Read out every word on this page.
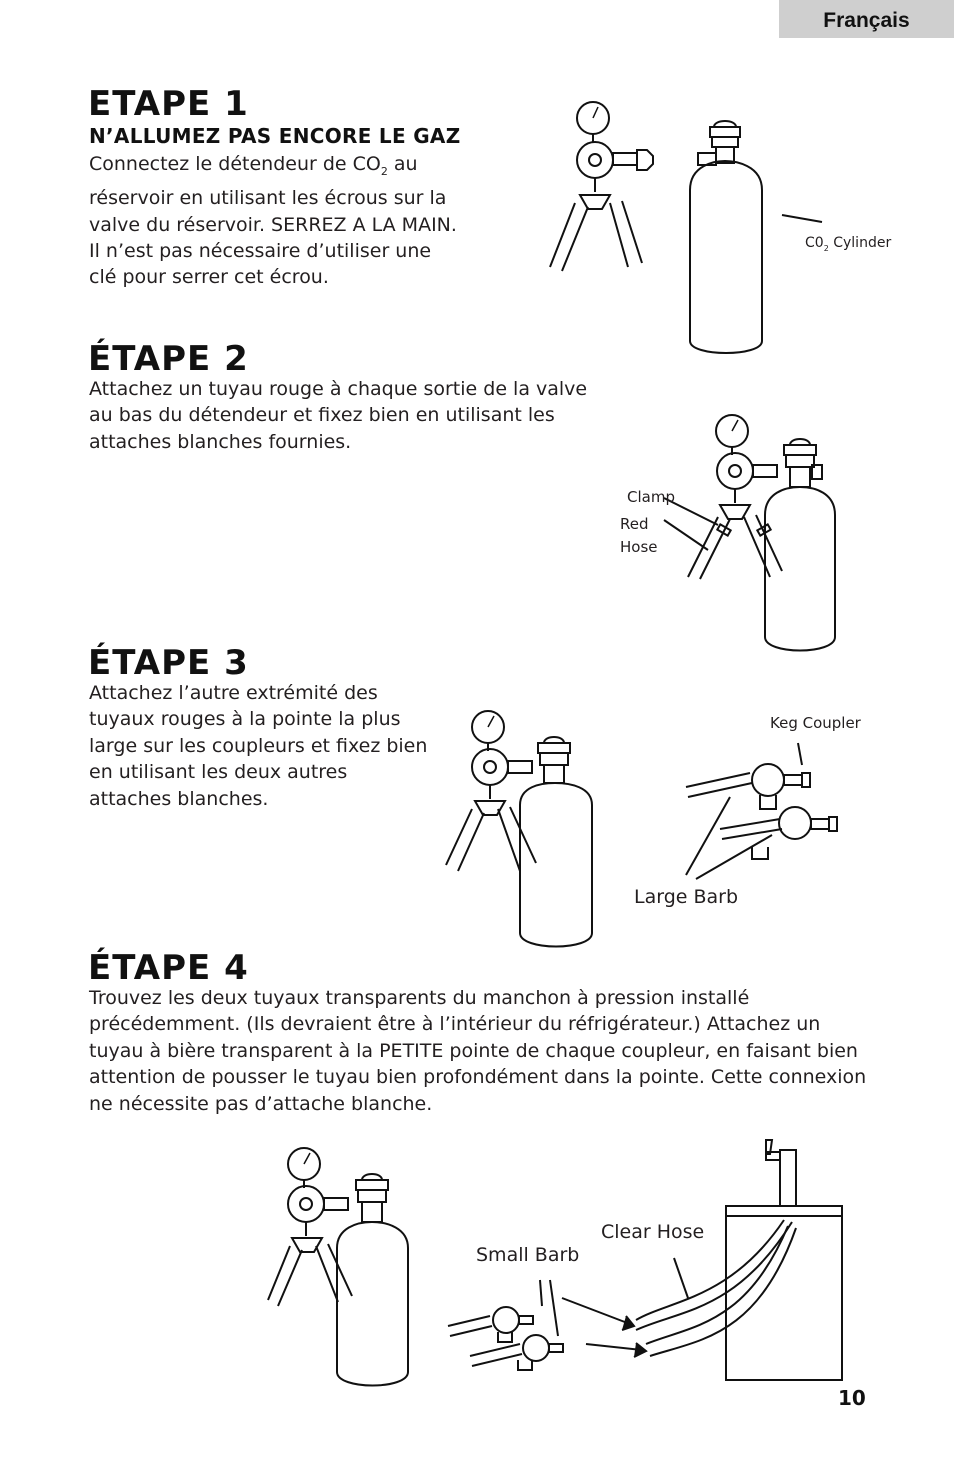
Français
ETAPE 1
N’ALLUMEZ PAS ENCORE LE GAZ

Connectez le détendeur de $CO_2$ au réservoir en utilisant les écrous sur la valve du réservoir. SERREZ A LA MAIN. Il n’est pas nécessaire d’utiliser une clé pour serrer cet écrou.

$C0_2$ Cylinder
ÉTAPE 2

Attachez un tuyau rouge à chaque sortie de la valve au bas du détendeur et fixez bien en utilisant les attaches blanches fournies.

Clamp
Red
Hose
ÉTAPE 3

Attachez l’autre extrémité des tuyaux rouges à la pointe la plus large sur les coupleurs et fixez bien en utilisant les deux autres attaches blanches.

Keg Coupler
Large Barb
ÉTAPE 4

Trouvez les deux tuyaux transparents du manchon à pression installé précédemment. (Ils devraient être à l’intérieur du réfrigérateur.) Attachez un tuyau à bière transparent à la PETITE pointe de chaque coupleur, en faisant bien attention de pousser le tuyau bien profondément dans la pointe. Cette connexion ne nécessite pas d’attache blanche.

Clear Hose
Small Barb
10
